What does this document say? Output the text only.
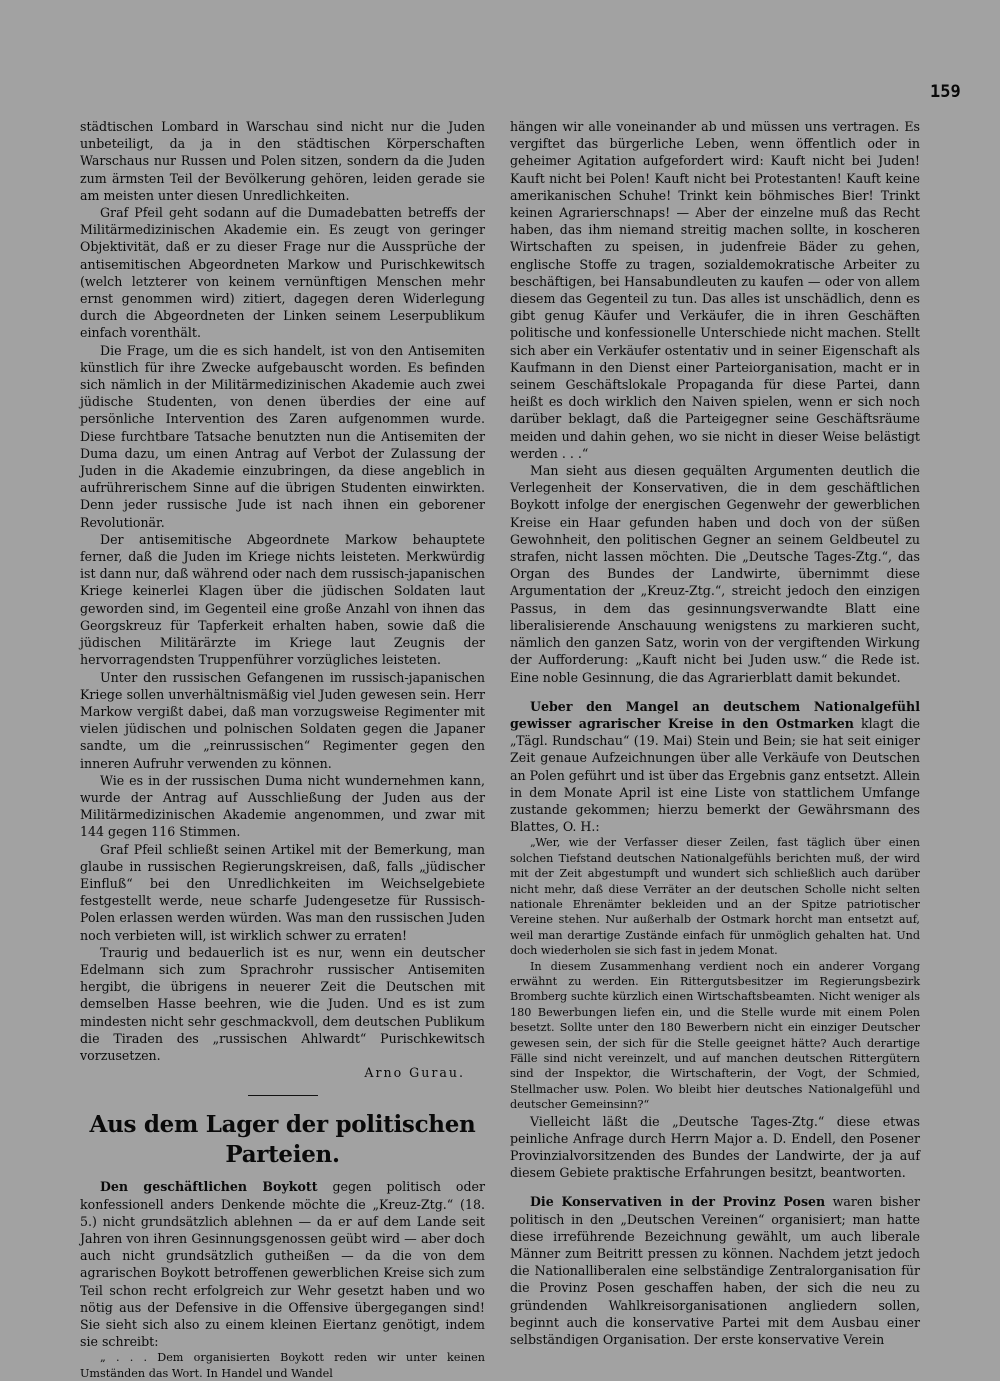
159

städtischen Lombard in Warschau sind nicht nur die Juden unbeteiligt, da ja in den städtischen Körperschaften Warschaus nur Russen und Polen sitzen, sondern da die Juden zum ärmsten Teil der Bevölkerung gehören, leiden gerade sie am meisten unter diesen Unredlichkeiten.

Graf Pfeil geht sodann auf die Dumadebatten betreffs der Militärmedizinischen Akademie ein. Es zeugt von geringer Objektivität, daß er zu dieser Frage nur die Aussprüche der antisemitischen Abgeordneten Markow und Purischkewitsch (welch letzterer von keinem vernünftigen Menschen mehr ernst genommen wird) zitiert, dagegen deren Widerlegung durch die Abgeordneten der Linken seinem Leserpublikum einfach vorenthält.

Die Frage, um die es sich handelt, ist von den Antisemiten künstlich für ihre Zwecke aufgebauscht worden. Es befinden sich nämlich in der Militärmedizinischen Akademie auch zwei jüdische Studenten, von denen überdies der eine auf persönliche Intervention des Zaren aufgenommen wurde. Diese furchtbare Tatsache benutzten nun die Antisemiten der Duma dazu, um einen Antrag auf Verbot der Zulassung der Juden in die Akademie einzubringen, da diese angeblich in aufrührerischem Sinne auf die übrigen Studenten einwirkten. Denn jeder russische Jude ist nach ihnen ein geborener Revolutionär.

Der antisemitische Abgeordnete Markow behauptete ferner, daß die Juden im Kriege nichts leisteten. Merkwürdig ist dann nur, daß während oder nach dem russisch-japanischen Kriege keinerlei Klagen über die jüdischen Soldaten laut geworden sind, im Gegenteil eine große Anzahl von ihnen das Georgskreuz für Tapferkeit erhalten haben, sowie daß die jüdischen Militärärzte im Kriege laut Zeugnis der hervorragendsten Truppenführer vorzügliches leisteten.

Unter den russischen Gefangenen im russisch-japanischen Kriege sollen unverhältnismäßig viel Juden gewesen sein. Herr Markow vergißt dabei, daß man vorzugsweise Regimenter mit vielen jüdischen und polnischen Soldaten gegen die Japaner sandte, um die „reinrussischen“ Regimenter gegen den inneren Aufruhr verwenden zu können.

Wie es in der russischen Duma nicht wundernehmen kann, wurde der Antrag auf Ausschließung der Juden aus der Militärmedizinischen Akademie angenommen, und zwar mit 144 gegen 116 Stimmen.

Graf Pfeil schließt seinen Artikel mit der Bemerkung, man glaube in russischen Regierungskreisen, daß, falls „jüdischer Einfluß“ bei den Unredlichkeiten im Weichselgebiete festgestellt werde, neue scharfe Judengesetze für Russisch-Polen erlassen werden würden. Was man den russischen Juden noch verbieten will, ist wirklich schwer zu erraten!

Traurig und bedauerlich ist es nur, wenn ein deutscher Edelmann sich zum Sprachrohr russischer Antisemiten hergibt, die übrigens in neuerer Zeit die Deutschen mit demselben Hasse beehren, wie die Juden. Und es ist zum mindesten nicht sehr geschmackvoll, dem deutschen Publikum die Tiraden des „russischen Ahlwardt“ Purischkewitsch vorzusetzen.

Arno Gurau.
Aus dem Lager der politischen Parteien.

Den geschäftlichen Boykott gegen politisch oder konfessionell anders Denkende möchte die „Kreuz-Ztg.“ (18. 5.) nicht grundsätzlich ablehnen — da er auf dem Lande seit Jahren von ihren Gesinnungsgenossen geübt wird — aber doch auch nicht grundsätzlich gutheißen — da die von dem agrarischen Boykott betroffenen gewerblichen Kreise sich zum Teil schon recht erfolgreich zur Wehr gesetzt haben und wo nötig aus der Defensive in die Offensive übergegangen sind! Sie sieht sich also zu einem kleinen Eiertanz genötigt, indem sie schreibt:

„ . . . Dem organisierten Boykott reden wir unter keinen Umständen das Wort. In Handel und Wandel

hängen wir alle voneinander ab und müssen uns vertragen. Es vergiftet das bürgerliche Leben, wenn öffentlich oder in geheimer Agitation aufgefordert wird: Kauft nicht bei Juden! Kauft nicht bei Polen! Kauft nicht bei Protestanten! Kauft keine amerikanischen Schuhe! Trinkt kein böhmisches Bier! Trinkt keinen Agrarierschnaps! — Aber der einzelne muß das Recht haben, das ihm niemand streitig machen sollte, in koscheren Wirtschaften zu speisen, in judenfreie Bäder zu gehen, englische Stoffe zu tragen, sozialdemokratische Arbeiter zu beschäftigen, bei Hansabundleuten zu kaufen — oder von allem diesem das Gegenteil zu tun. Das alles ist unschädlich, denn es gibt genug Käufer und Verkäufer, die in ihren Geschäften politische und konfessionelle Unterschiede nicht machen. Stellt sich aber ein Verkäufer ostentativ und in seiner Eigenschaft als Kaufmann in den Dienst einer Parteiorganisation, macht er in seinem Geschäftslokale Propaganda für diese Partei, dann heißt es doch wirklich den Naiven spielen, wenn er sich noch darüber beklagt, daß die Parteigegner seine Geschäftsräume meiden und dahin gehen, wo sie nicht in dieser Weise belästigt werden . . .“

Man sieht aus diesen gequälten Argumenten deutlich die Verlegenheit der Konservativen, die in dem geschäftlichen Boykott infolge der energischen Gegenwehr der gewerblichen Kreise ein Haar gefunden haben und doch von der süßen Gewohnheit, den politischen Gegner an seinem Geldbeutel zu strafen, nicht lassen möchten. Die „Deutsche Tages-Ztg.“, das Organ des Bundes der Landwirte, übernimmt diese Argumentation der „Kreuz-Ztg.“, streicht jedoch den einzigen Passus, in dem das gesinnungsverwandte Blatt eine liberalisierende Anschauung wenigstens zu markieren sucht, nämlich den ganzen Satz, worin von der vergiftenden Wirkung der Aufforderung: „Kauft nicht bei Juden usw.“ die Rede ist. Eine noble Gesinnung, die das Agrarierblatt damit bekundet.

Ueber den Mangel an deutschem Nationalgefühl gewisser agrarischer Kreise in den Ostmarken klagt die „Tägl. Rundschau“ (19. Mai) Stein und Bein; sie hat seit einiger Zeit genaue Aufzeichnungen über alle Verkäufe von Deutschen an Polen geführt und ist über das Ergebnis ganz entsetzt. Allein in dem Monate April ist eine Liste von stattlichem Umfange zustande gekommen; hierzu bemerkt der Gewährsmann des Blattes, O. H.:

„Wer, wie der Verfasser dieser Zeilen, fast täglich über einen solchen Tiefstand deutschen Nationalgefühls berichten muß, der wird mit der Zeit abgestumpft und wundert sich schließlich auch darüber nicht mehr, daß diese Verräter an der deutschen Scholle nicht selten nationale Ehrenämter bekleiden und an der Spitze patriotischer Vereine stehen. Nur außerhalb der Ostmark horcht man entsetzt auf, weil man derartige Zustände einfach für unmöglich gehalten hat. Und doch wiederholen sie sich fast in jedem Monat.

In diesem Zusammenhang verdient noch ein anderer Vorgang erwähnt zu werden. Ein Rittergutsbesitzer im Regierungsbezirk Bromberg suchte kürzlich einen Wirtschaftsbeamten. Nicht weniger als 180 Bewerbungen liefen ein, und die Stelle wurde mit einem Polen besetzt. Sollte unter den 180 Bewerbern nicht ein einziger Deutscher gewesen sein, der sich für die Stelle geeignet hätte? Auch derartige Fälle sind nicht vereinzelt, und auf manchen deutschen Rittergütern sind der Inspektor, die Wirtschafterin, der Vogt, der Schmied, Stellmacher usw. Polen. Wo bleibt hier deutsches Nationalgefühl und deutscher Gemeinsinn?“

Vielleicht läßt die „Deutsche Tages-Ztg.“ diese etwas peinliche Anfrage durch Herrn Major a. D. Endell, den Posener Provinzialvorsitzenden des Bundes der Landwirte, der ja auf diesem Gebiete praktische Erfahrungen besitzt, beantworten.

Die Konservativen in der Provinz Posen waren bisher politisch in den „Deutschen Vereinen“ organisiert; man hatte diese irreführende Bezeichnung gewählt, um auch liberale Männer zum Beitritt pressen zu können. Nachdem jetzt jedoch die Nationalliberalen eine selbständige Zentralorganisation für die Provinz Posen geschaffen haben, der sich die neu zu gründenden Wahlkreisorganisationen angliedern sollen, beginnt auch die konservative Partei mit dem Ausbau einer selbständigen Organisation. Der erste konservative Verein
